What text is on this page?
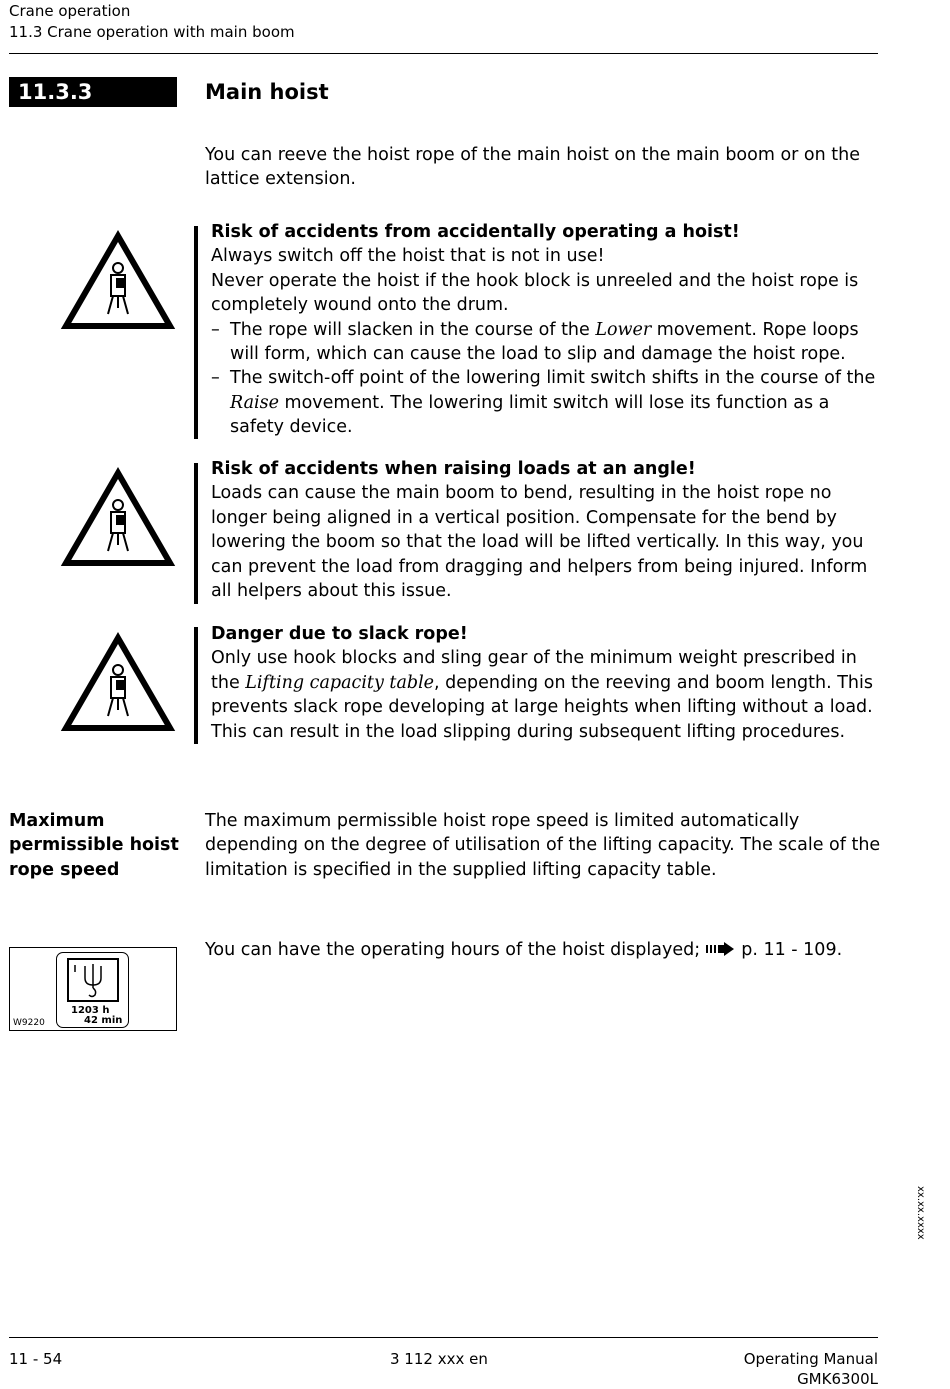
Crane operation
11.3 Crane operation with main boom
11.3.3	Main hoist
You can reeve the hoist rope of the main hoist on the main boom or on the lattice extension.

Risk of accidents from accidentally operating a hoist!

Always switch off the hoist that is not in use!

Never operate the hoist if the hook block is unreeled and the hoist rope is completely wound onto the drum.

– The rope will slacken in the course of the Lower movement. Rope loops will form, which can cause the load to slip and damage the hoist rope.
– The switch-off point of the lowering limit switch shifts in the course of the Raise movement. The lowering limit switch will lose its function as a safety device.

Risk of accidents when raising loads at an angle!

Loads can cause the main boom to bend, resulting in the hoist rope no longer being aligned in a vertical position. Compensate for the bend by lowering the boom so that the load will be lifted vertically. In this way, you can prevent the load from dragging and helpers from being injured. Inform all helpers about this issue.

Danger due to slack rope!

Only use hook blocks and sling gear of the minimum weight prescribed in the Lifting capacity table, depending on the reeving and boom length. This prevents slack rope developing at large heights when lifting without a load. This can result in the load slipping during subsequent lifting procedures.

Maximum permissible hoist rope speed
The maximum permissible hoist rope speed is limited automatically depending on the degree of utilisation of the lifting capacity. The scale of the limitation is specified in the supplied lifting capacity table.
You can have the operating hours of the hoist displayed;  p. 11 - 109.
1203 h
42 min
W9220
xx.xx.xxxx
11 - 54	3 112 xxx en	Operating Manual GMK6300L
